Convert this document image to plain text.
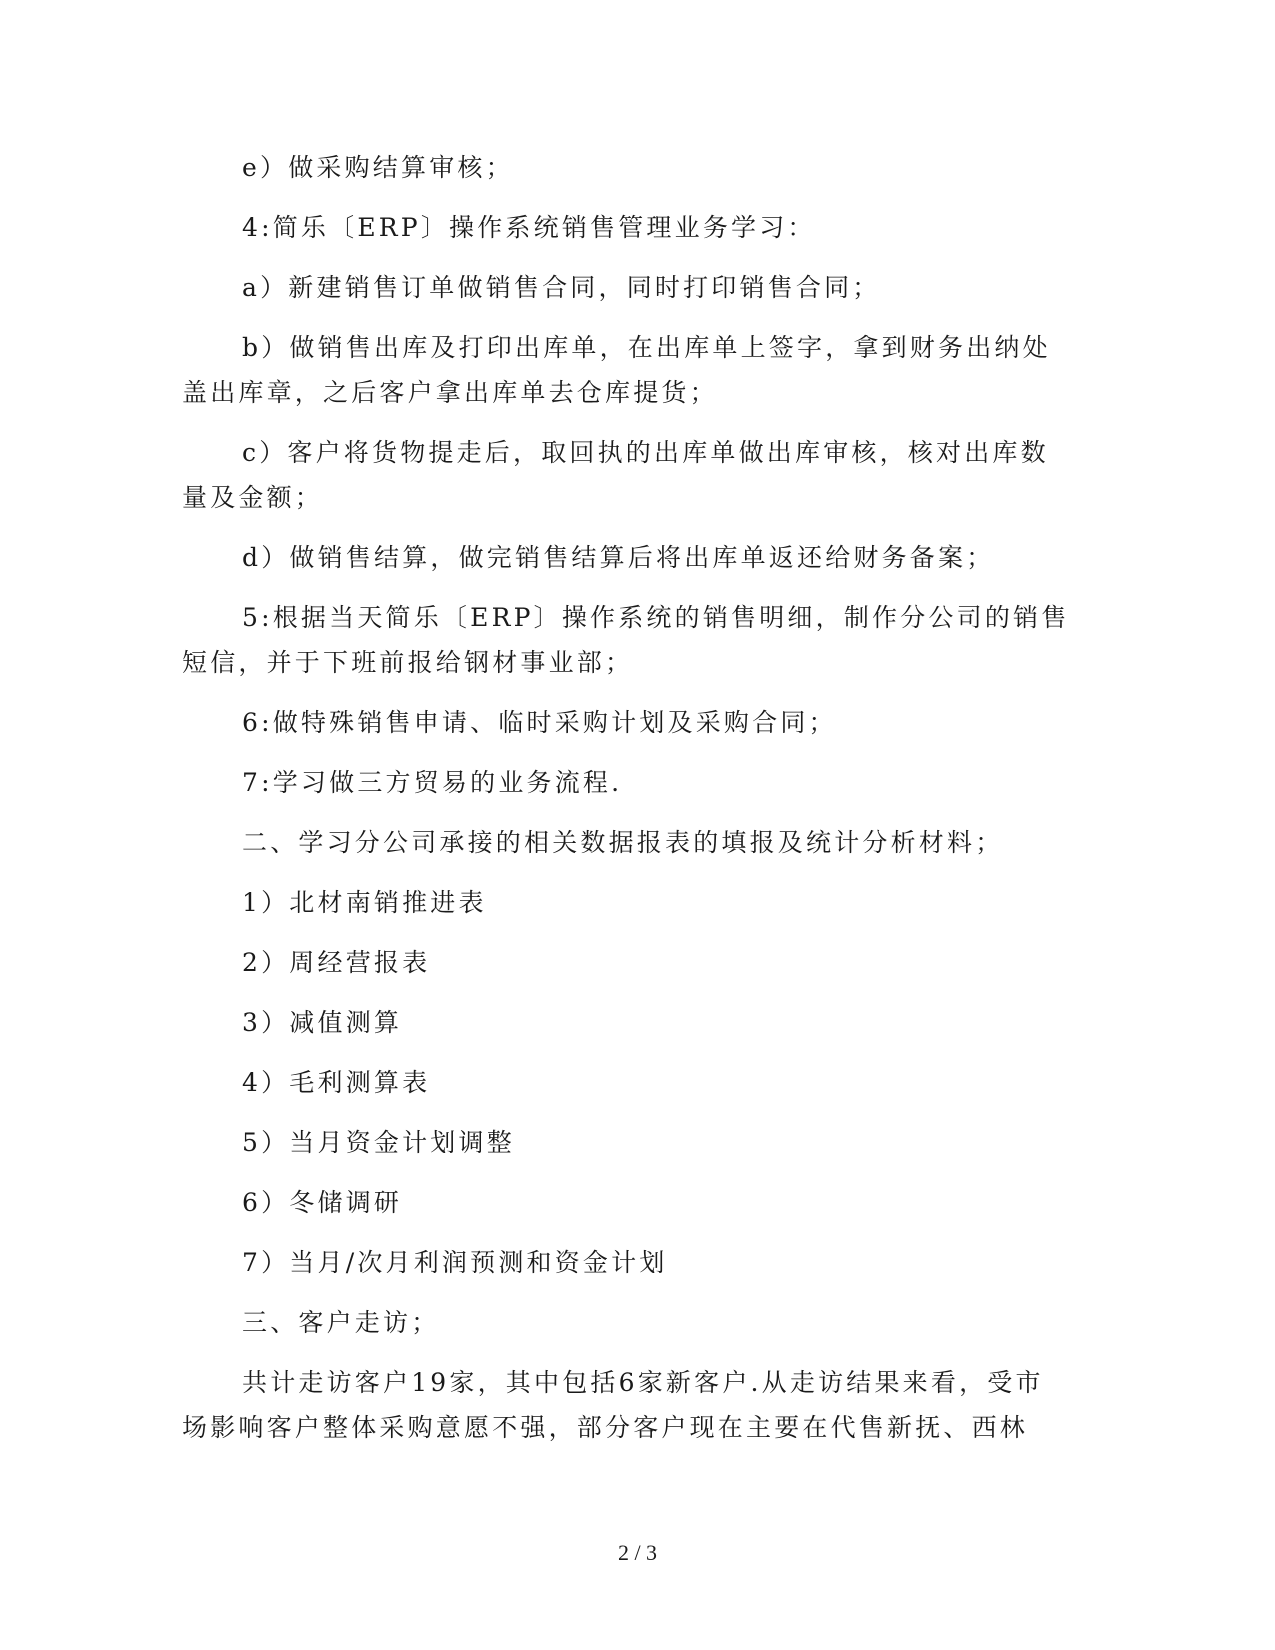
e）做采购结算审核；
4:简乐〔ERP〕操作系统销售管理业务学习：
a）新建销售订单做销售合同，同时打印销售合同；
b）做销售出库及打印出库单，在出库单上签字，拿到财务出纳处
盖出库章，之后客户拿出库单去仓库提货；
c）客户将货物提走后，取回执的出库单做出库审核，核对出库数
量及金额；
d）做销售结算，做完销售结算后将出库单返还给财务备案；
5:根据当天简乐〔ERP〕操作系统的销售明细，制作分公司的销售
短信，并于下班前报给钢材事业部；
6:做特殊销售申请、临时采购计划及采购合同；
7:学习做三方贸易的业务流程.
二、学习分公司承接的相关数据报表的填报及统计分析材料；
1）北材南销推进表
2）周经营报表
3）减值测算
4）毛利测算表
5）当月资金计划调整
6）冬储调研
7）当月/次月利润预测和资金计划
三、客户走访；
共计走访客户19家，其中包括6家新客户.从走访结果来看，受市
场影响客户整体采购意愿不强，部分客户现在主要在代售新抚、西林
2 / 3
